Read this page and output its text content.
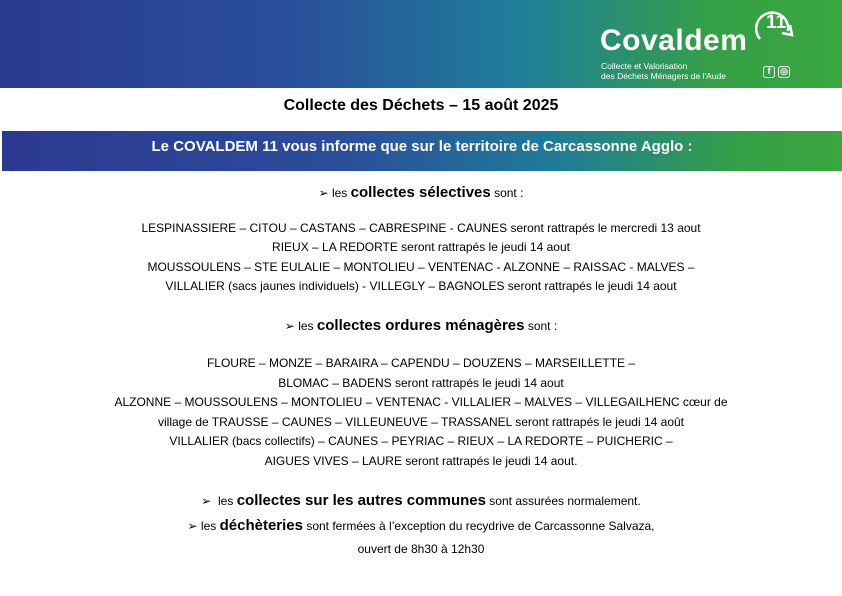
11
Covaldem
Collecte et Valorisation
des Déchets Ménagers de l'Aude	f	◎
Collecte des Déchets – 15 août 2025
Le COVALDEM 11 vous informe que sur le territoire de Carcassonne Agglo :
➢ les collectes sélectives sont :
LESPINASSIERE – CITOU – CASTANS – CABRESPINE - CAUNES seront rattrapés le mercredi 13 aout
RIEUX – LA REDORTE seront rattrapés le jeudi 14 aout
MOUSSOULENS – STE EULALIE – MONTOLIEU – VENTENAC - ALZONNE – RAISSAC - MALVES –
VILLALIER (sacs jaunes individuels) - VILLEGLY – BAGNOLES seront rattrapés le jeudi 14 aout
➢ les collectes ordures ménagères sont :
FLOURE – MONZE – BARAIRA – CAPENDU – DOUZENS – MARSEILLETTE –
BLOMAC – BADENS seront rattrapés le jeudi 14 aout
ALZONNE – MOUSSOULENS – MONTOLIEU – VENTENAC - VILLALIER – MALVES – VILLEGAILHENC cœur de
village de TRAUSSE – CAUNES – VILLEUNEUVE – TRASSANEL seront rattrapés le jeudi 14 août
VILLALIER (bacs collectifs) – CAUNES – PEYRIAC – RIEUX – LA REDORTE – PUICHERIC –
AIGUES VIVES – LAURE seront rattrapés le jeudi 14 aout.
➢ les collectes sur les autres communes sont assurées normalement.
➢ les déchèteries sont fermées à l’exception du recydrive de Carcassonne Salvaza,
ouvert de 8h30 à 12h30
